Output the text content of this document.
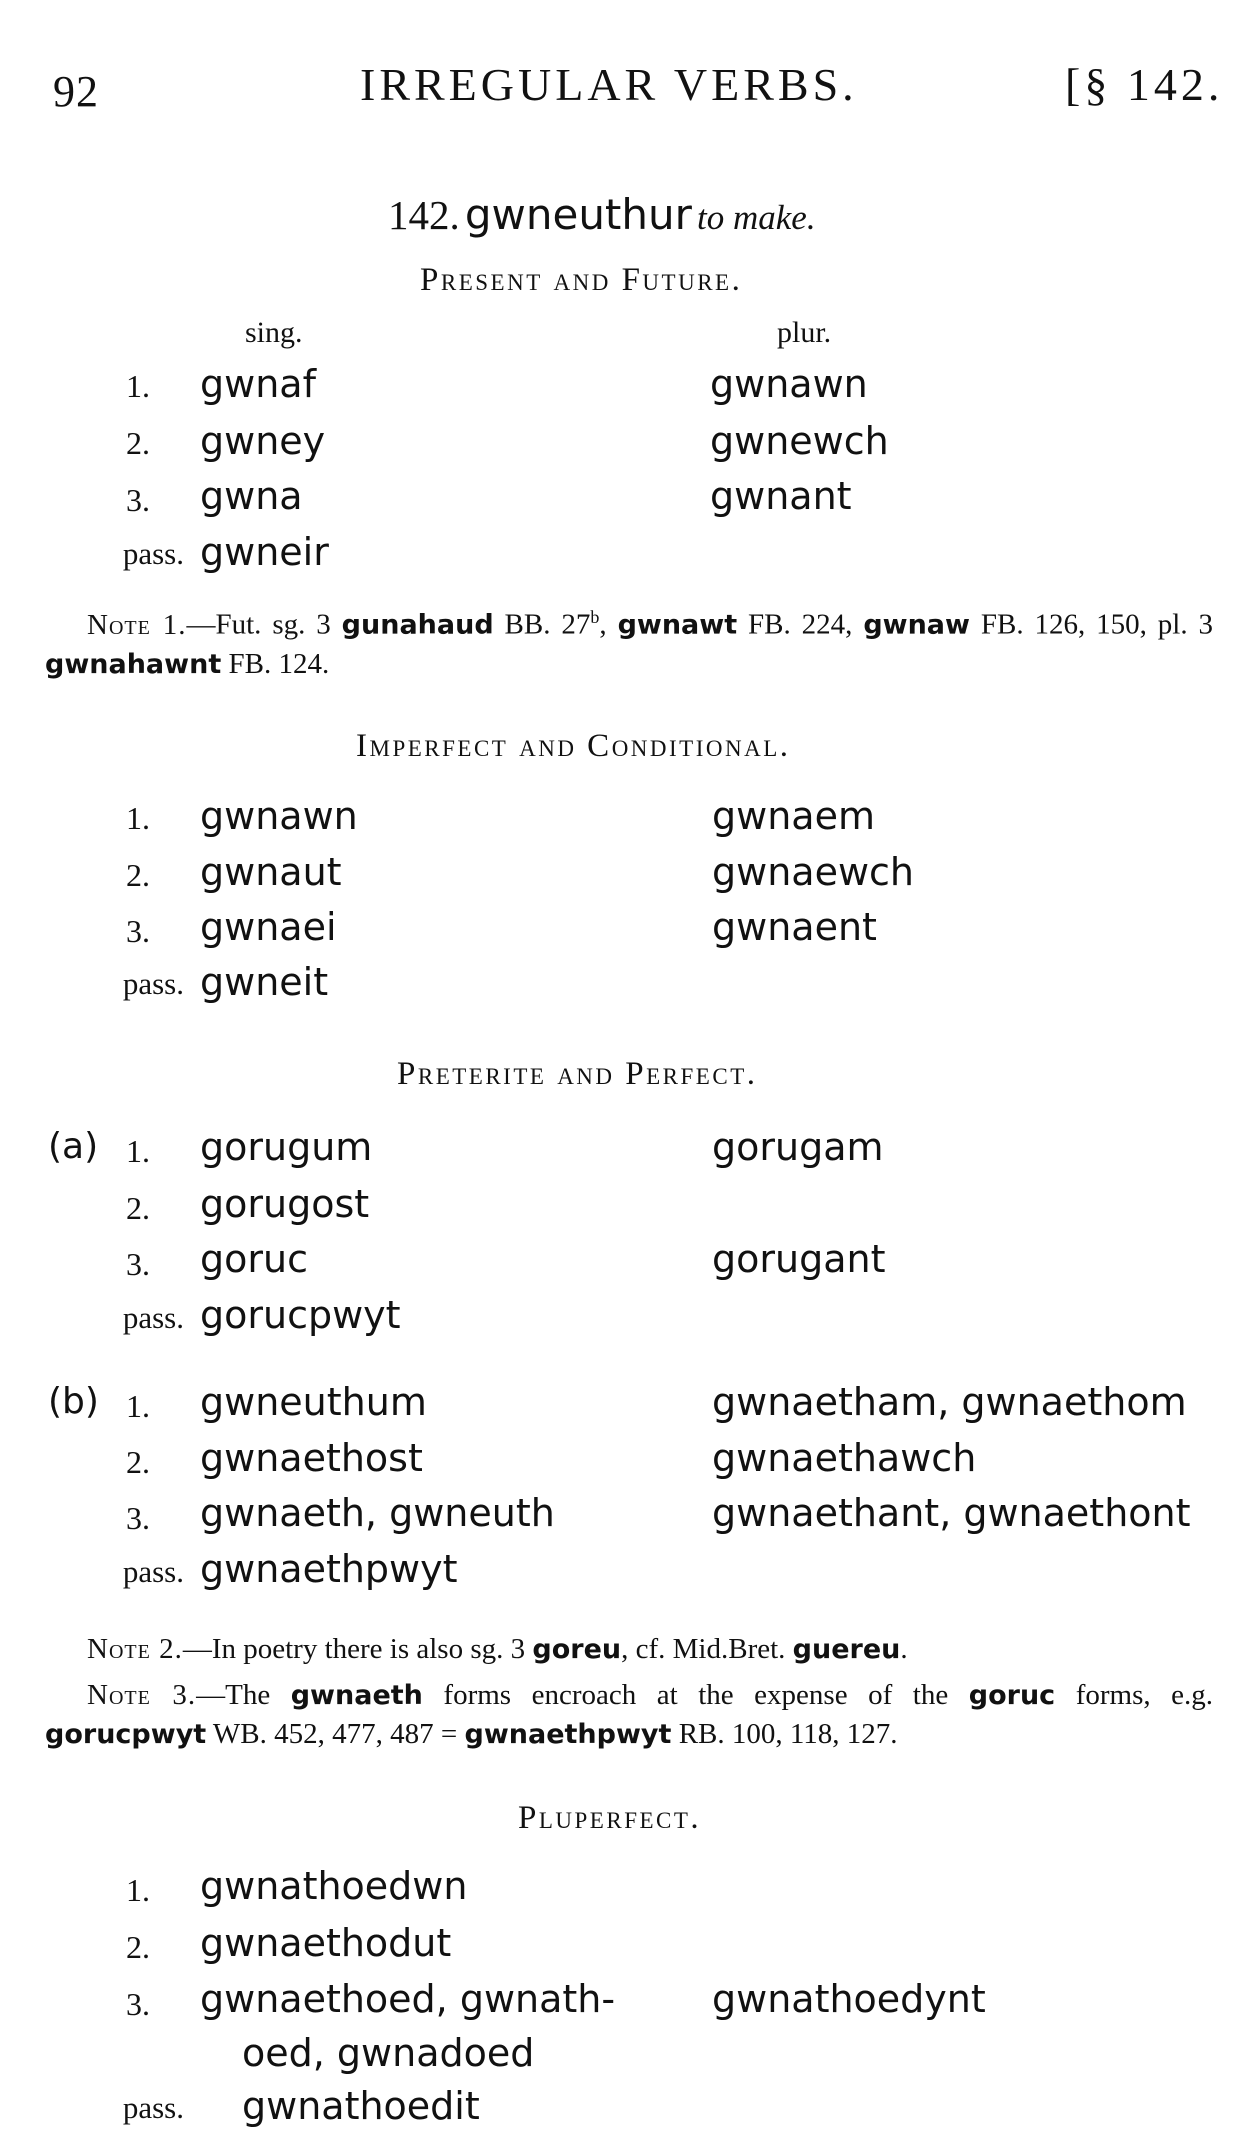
92	IRREGULAR VERBS.	[§ 142.
142. gwneuthur to make.
Present and Future.
sing.	plur.
1. gwnaf	gwnawn
2. gwney	gwnewch
3. gwna	gwnant
pass. gwneir
Note 1.—Fut. sg. 3 gunahaud BB. 27$^b$, gwnawt FB. 224, gwnaw FB. 126, 150, pl. 3 gwnahawnt FB. 124.
Imperfect and Conditional.
1. gwnawn	gwnaem
2. gwnaut	gwnaewch
3. gwnaei	gwnaent
pass. gwneit
Preterite and Perfect.
(a) 1. gorugum	gorugam
2. gorugost
3. goruc	gorugant
pass. gorucpwyt
(b) 1. gwneuthum	gwnaetham, gwnaethom
2. gwnaethost	gwnaethawch
3. gwnaeth, gwneuth	gwnaethant, gwnaethont
pass. gwnaethpwyt
Note 2.—In poetry there is also sg. 3 goreu, cf. Mid.Bret. guereu.
Note 3.—The gwnaeth forms encroach at the expense of the goruc forms, e.g. gorucpwyt WB. 452, 477, 487 = gwnaethpwyt RB. 100, 118, 127.
Pluperfect.
1. gwnathoedwn
2. gwnaethodut
3. gwnaethoed, gwnath-	gwnathoedynt
oed, gwnadoed
pass. gwnathoedit
